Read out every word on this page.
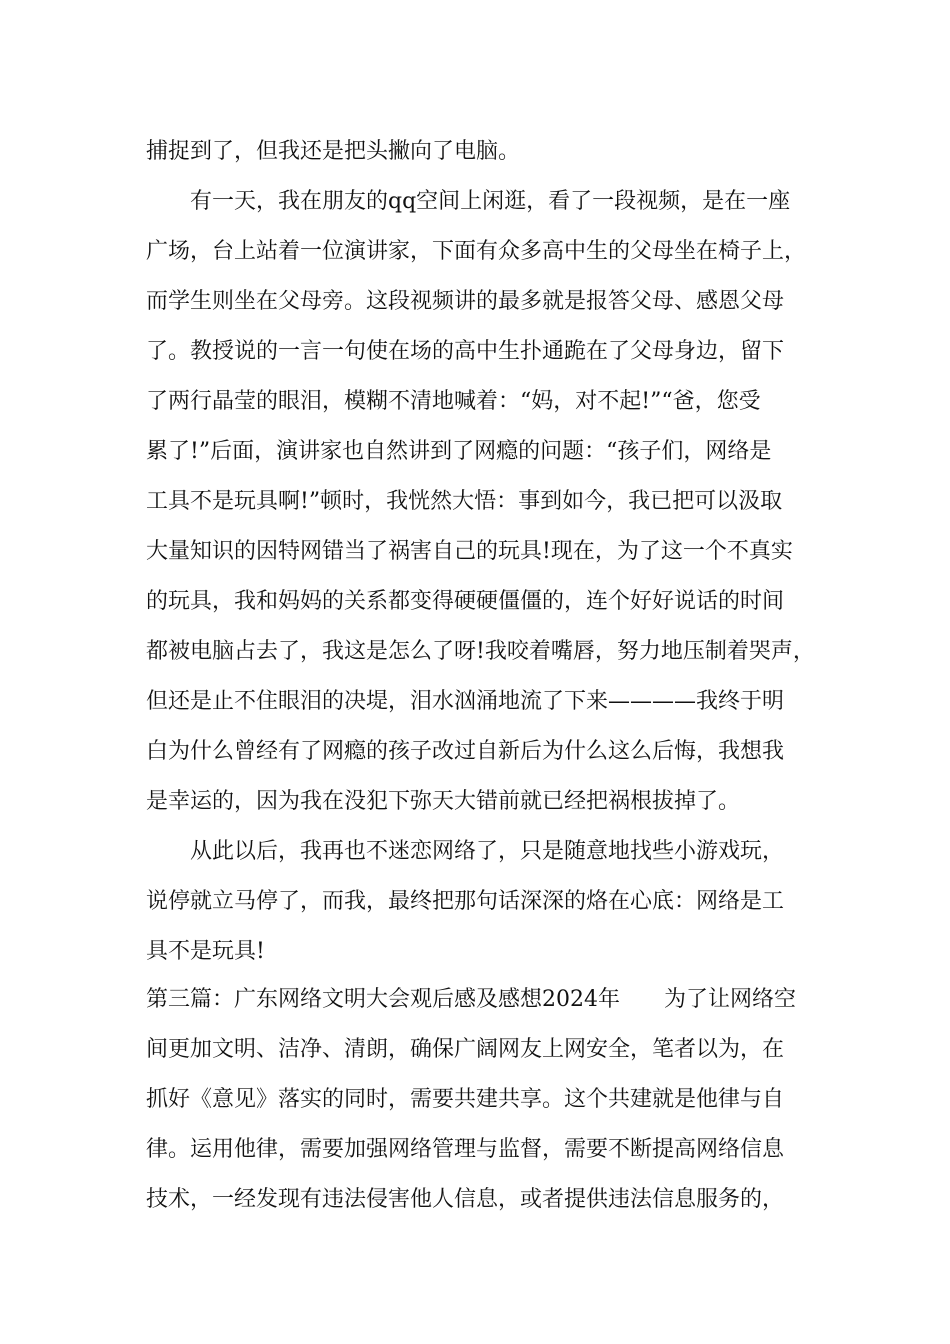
捕捉到了，但我还是把头撇向了电脑。
有一天，我在朋友的qq空间上闲逛，看了一段视频，是在一座
广场，台上站着一位演讲家，下面有众多高中生的父母坐在椅子上，
而学生则坐在父母旁。这段视频讲的最多就是报答父母、感恩父母
了。教授说的一言一句使在场的高中生扑通跪在了父母身边，留下
了两行晶莹的眼泪，模糊不清地喊着：“妈，对不起!”“爸，您受
累了!”后面，演讲家也自然讲到了网瘾的问题：“孩子们，网络是
工具不是玩具啊!”顿时，我恍然大悟：事到如今，我已把可以汲取
大量知识的因特网错当了祸害自己的玩具!现在，为了这一个不真实
的玩具，我和妈妈的关系都变得硬硬僵僵的，连个好好说话的时间
都被电脑占去了，我这是怎么了呀!我咬着嘴唇，努力地压制着哭声，
但还是止不住眼泪的决堤，泪水汹涌地流了下来————我终于明
白为什么曾经有了网瘾的孩子改过自新后为什么这么后悔，我想我
是幸运的，因为我在没犯下弥天大错前就已经把祸根拔掉了。
从此以后，我再也不迷恋网络了，只是随意地找些小游戏玩，
说停就立马停了，而我，最终把那句话深深的烙在心底：网络是工
具不是玩具!
第三篇：广东网络文明大会观后感及感想2024年　　为了让网络空
间更加文明、洁净、清朗，确保广阔网友上网安全，笔者以为，在
抓好《意见》落实的同时，需要共建共享。这个共建就是他律与自
律。运用他律，需要加强网络管理与监督，需要不断提高网络信息
技术，一经发现有违法侵害他人信息，或者提供违法信息服务的，
